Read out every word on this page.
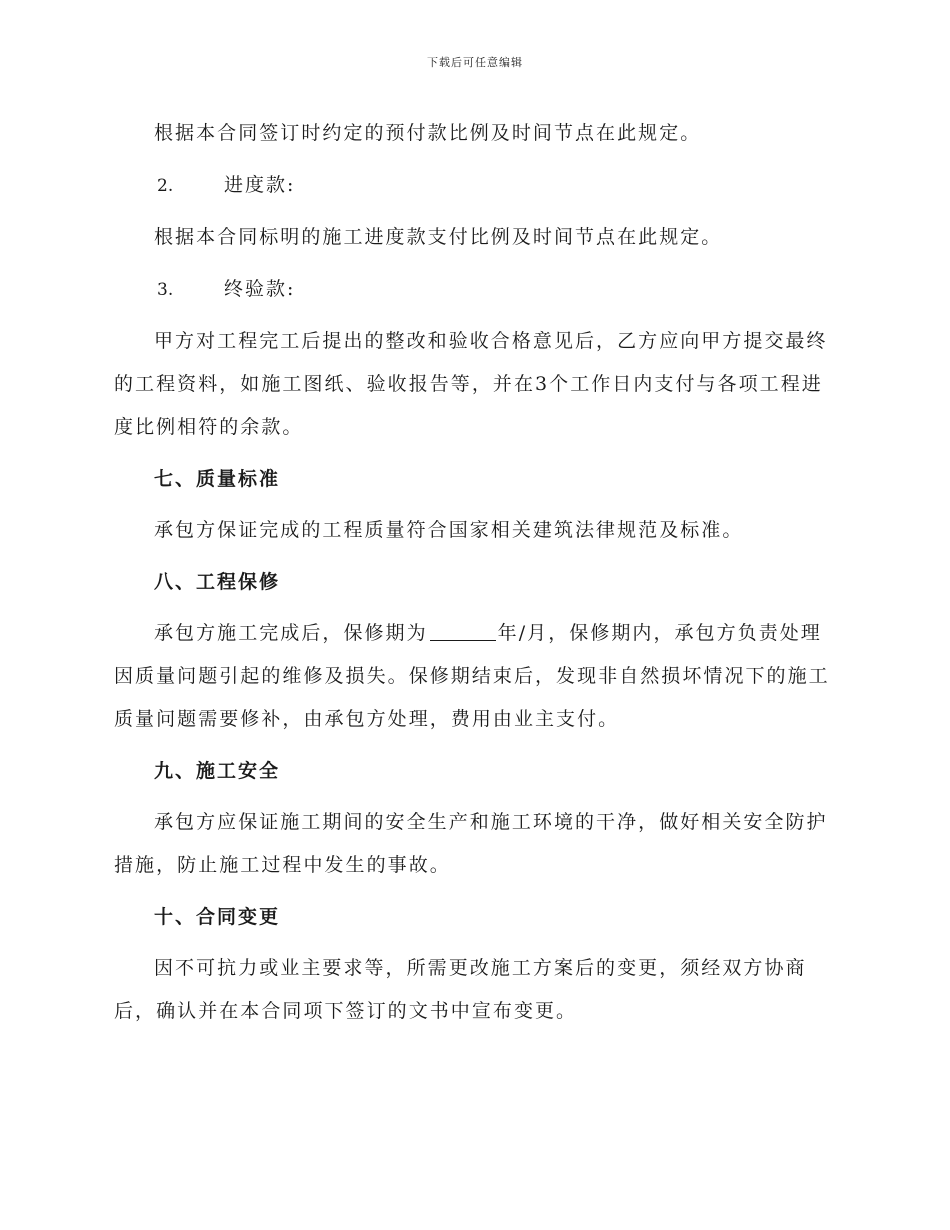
下载后可任意编辑

根据本合同签订时约定的预付款比例及时间节点在此规定。

2.	进度款:

根据本合同标明的施工进度款支付比例及时间节点在此规定。

3.	终验款:

甲方对工程完工后提出的整改和验收合格意见后，乙方应向甲方提交最终的工程资料，如施工图纸、验收报告等，并在3个工作日内支付与各项工程进度比例相符的余款。

七、质量标准

承包方保证完成的工程质量符合国家相关建筑法律规范及标准。

八、工程保修

承包方施工完成后，保修期为	年/月，保修期内，承包方负责处理因质量问题引起的维修及损失。保修期结束后，发现非自然损坏情况下的施工质量问题需要修补，由承包方处理，费用由业主支付。

九、施工安全

承包方应保证施工期间的安全生产和施工环境的干净，做好相关安全防护措施，防止施工过程中发生的事故。

十、合同变更

因不可抗力或业主要求等，所需更改施工方案后的变更，须经双方协商后，确认并在本合同项下签订的文书中宣布变更。
